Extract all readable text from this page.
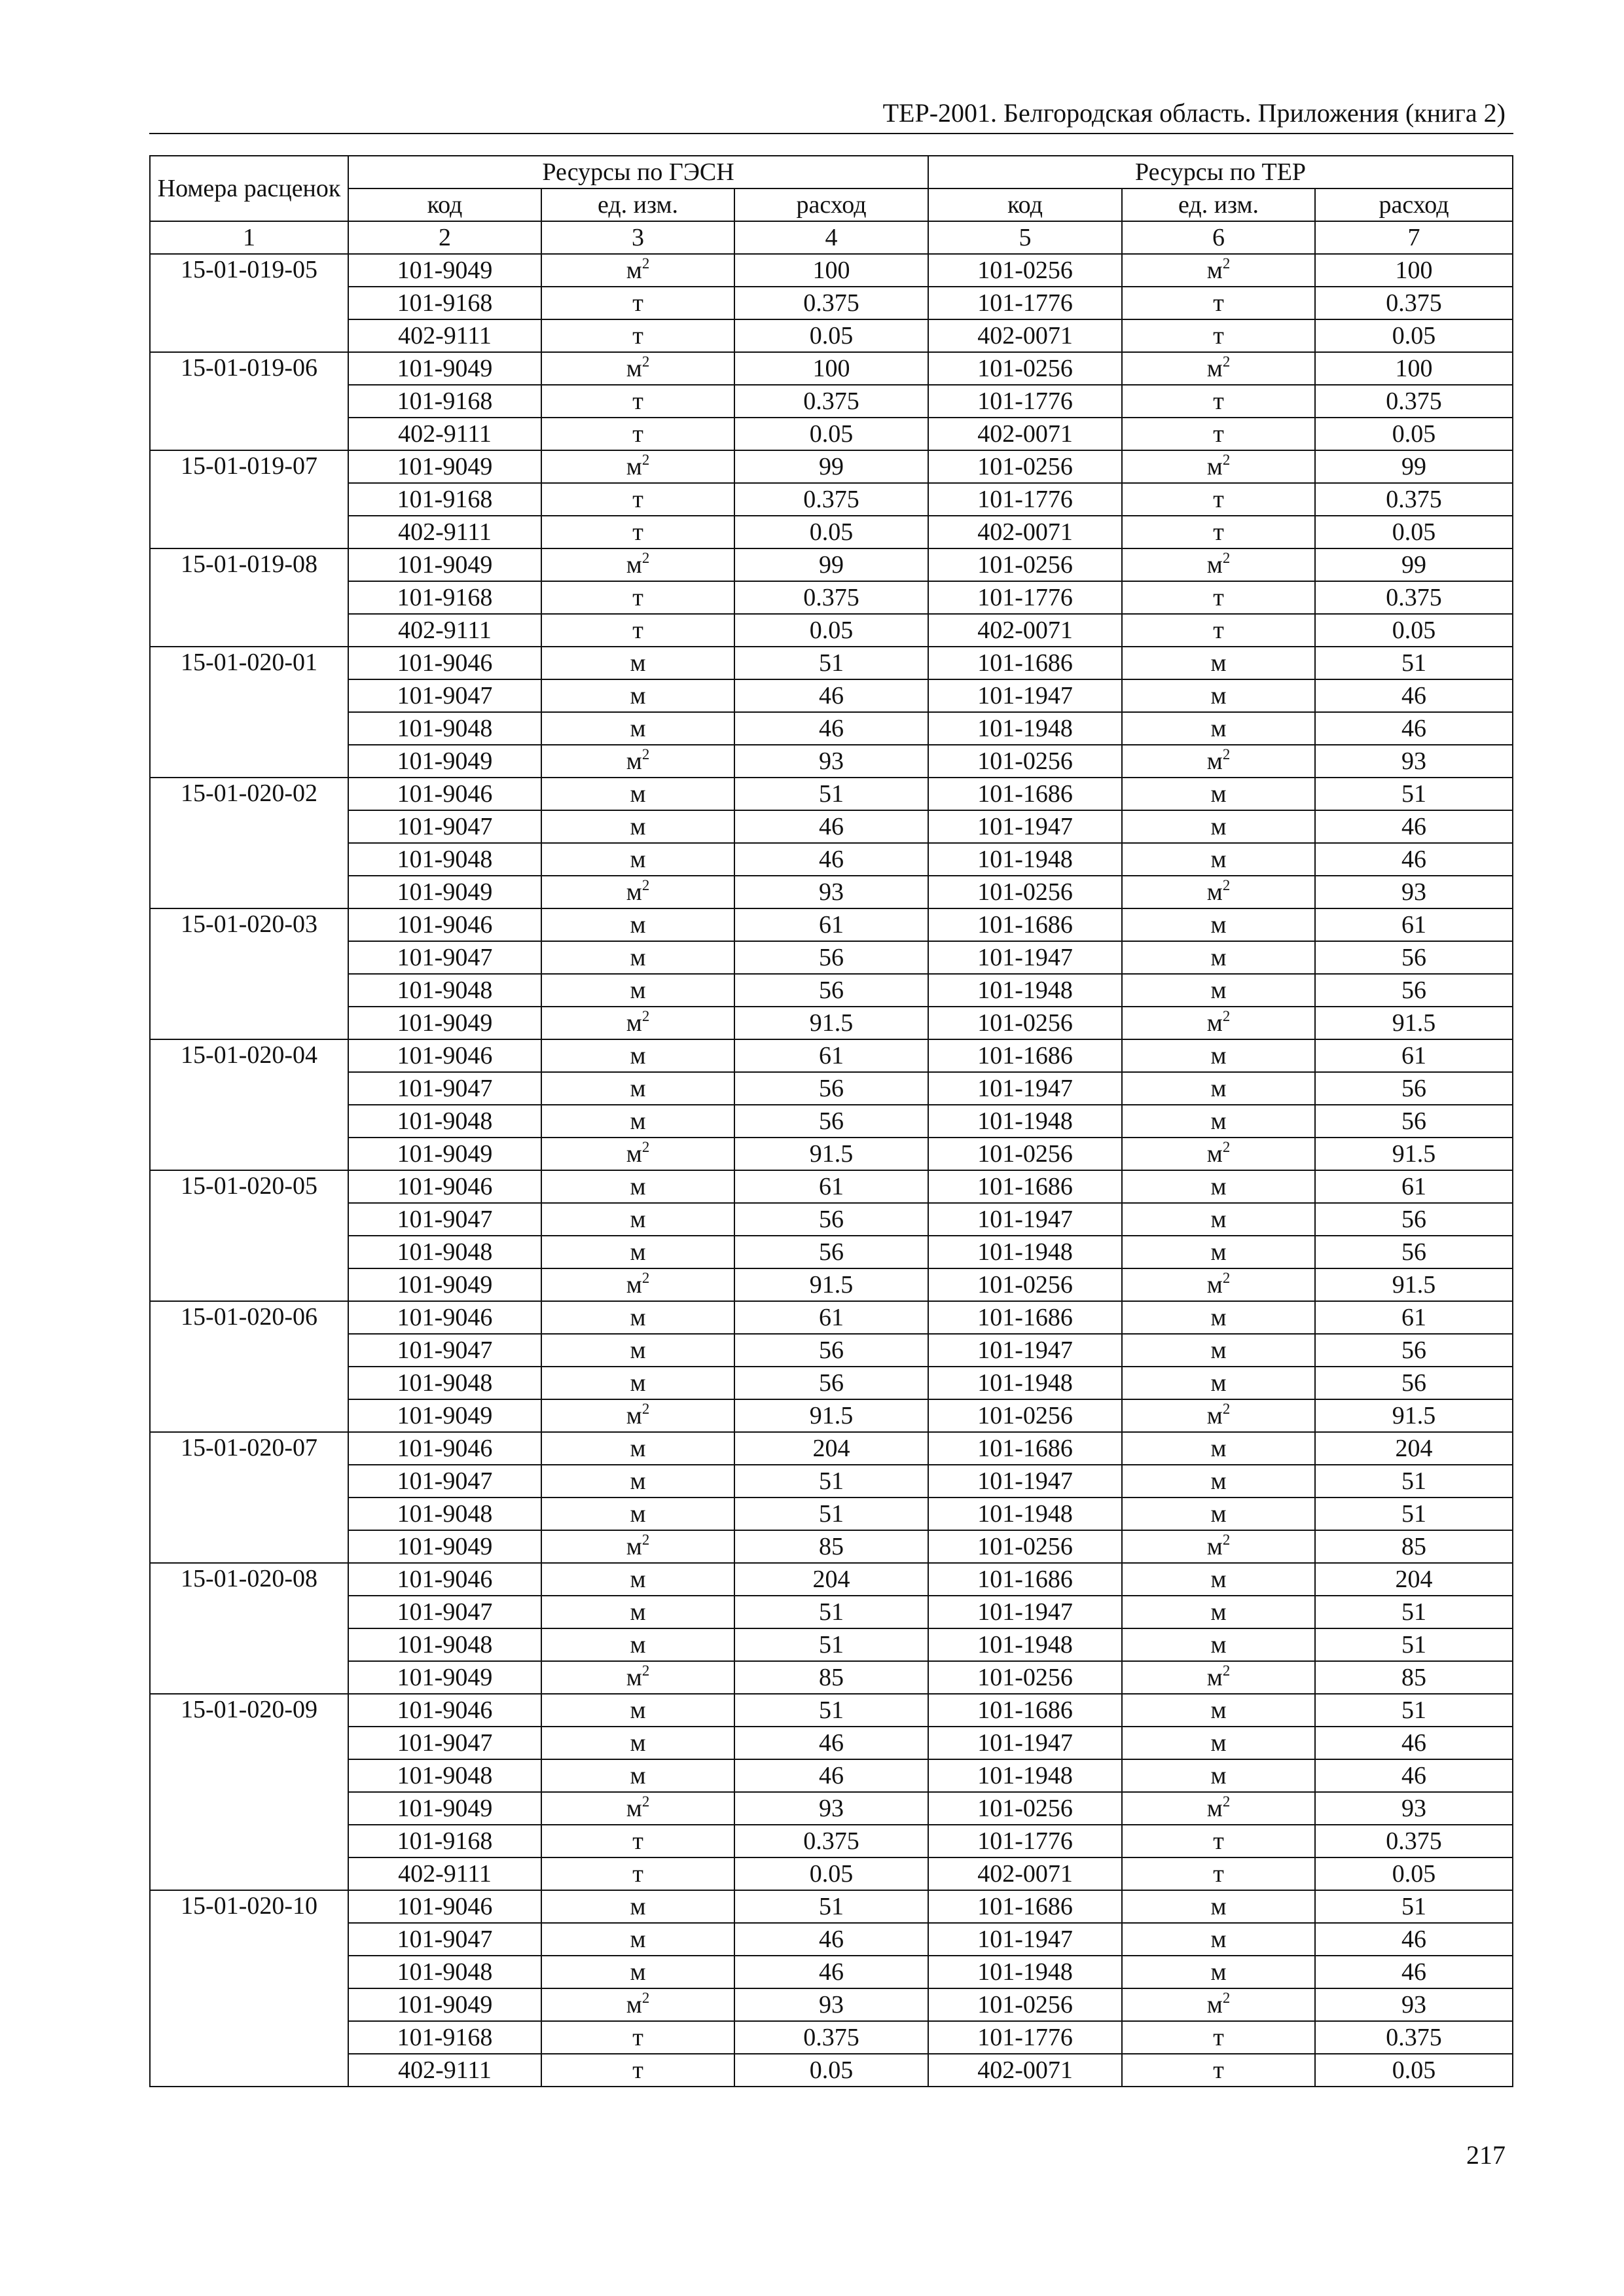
ТЕР-2001. Белгородская область. Приложения (книга 2)
Номера расценок	Ресурсы по ГЭСН			Ресурсы по ТЕР		
	код	ед. изм.	расход	код	ед. изм.	расход
1	2	3	4	5	6	7
15-01-019-05	101-9049	$м^2$	100	101-0256	$м^2$	100
	101-9168	т	0.375	101-1776	т	0.375
	402-9111	т	0.05	402-0071	т	0.05
15-01-019-06	101-9049	$м^2$	100	101-0256	$м^2$	100
	101-9168	т	0.375	101-1776	т	0.375
	402-9111	т	0.05	402-0071	т	0.05
15-01-019-07	101-9049	$м^2$	99	101-0256	$м^2$	99
	101-9168	т	0.375	101-1776	т	0.375
	402-9111	т	0.05	402-0071	т	0.05
15-01-019-08	101-9049	$м^2$	99	101-0256	$м^2$	99
	101-9168	т	0.375	101-1776	т	0.375
	402-9111	т	0.05	402-0071	т	0.05
15-01-020-01	101-9046	м	51	101-1686	м	51
	101-9047	м	46	101-1947	м	46
	101-9048	м	46	101-1948	м	46
	101-9049	$м^2$	93	101-0256	$м^2$	93
15-01-020-02	101-9046	м	51	101-1686	м	51
	101-9047	м	46	101-1947	м	46
	101-9048	м	46	101-1948	м	46
	101-9049	$м^2$	93	101-0256	$м^2$	93
15-01-020-03	101-9046	м	61	101-1686	м	61
	101-9047	м	56	101-1947	м	56
	101-9048	м	56	101-1948	м	56
	101-9049	$м^2$	91.5	101-0256	$м^2$	91.5
15-01-020-04	101-9046	м	61	101-1686	м	61
	101-9047	м	56	101-1947	м	56
	101-9048	м	56	101-1948	м	56
	101-9049	$м^2$	91.5	101-0256	$м^2$	91.5
15-01-020-05	101-9046	м	61	101-1686	м	61
	101-9047	м	56	101-1947	м	56
	101-9048	м	56	101-1948	м	56
	101-9049	$м^2$	91.5	101-0256	$м^2$	91.5
15-01-020-06	101-9046	м	61	101-1686	м	61
	101-9047	м	56	101-1947	м	56
	101-9048	м	56	101-1948	м	56
	101-9049	$м^2$	91.5	101-0256	$м^2$	91.5
15-01-020-07	101-9046	м	204	101-1686	м	204
	101-9047	м	51	101-1947	м	51
	101-9048	м	51	101-1948	м	51
	101-9049	$м^2$	85	101-0256	$м^2$	85
15-01-020-08	101-9046	м	204	101-1686	м	204
	101-9047	м	51	101-1947	м	51
	101-9048	м	51	101-1948	м	51
	101-9049	$м^2$	85	101-0256	$м^2$	85
15-01-020-09	101-9046	м	51	101-1686	м	51
	101-9047	м	46	101-1947	м	46
	101-9048	м	46	101-1948	м	46
	101-9049	$м^2$	93	101-0256	$м^2$	93
	101-9168	т	0.375	101-1776	т	0.375
	402-9111	т	0.05	402-0071	т	0.05
15-01-020-10	101-9046	м	51	101-1686	м	51
	101-9047	м	46	101-1947	м	46
	101-9048	м	46	101-1948	м	46
	101-9049	$м^2$	93	101-0256	$м^2$	93
	101-9168	т	0.375	101-1776	т	0.375
	402-9111	т	0.05	402-0071	т	0.05
217
